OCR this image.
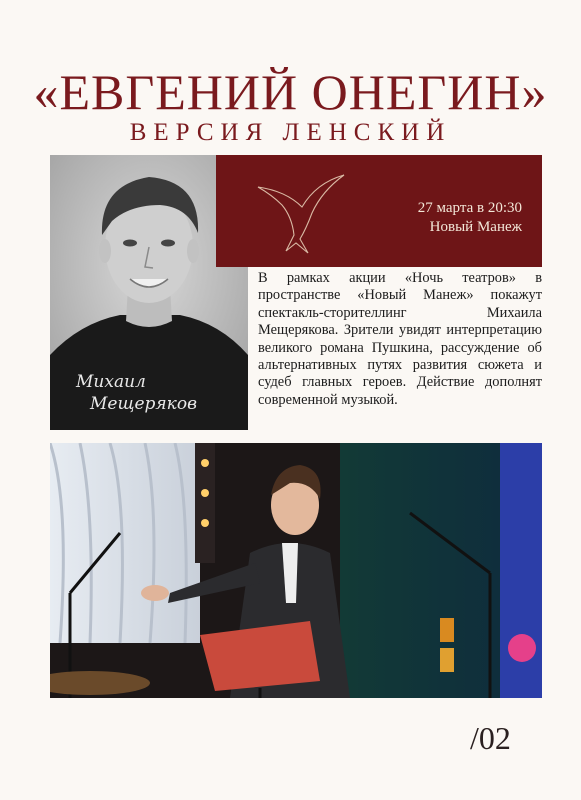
«ЕВГЕНИЙ ОНЕГИН»
ВЕРСИЯ ЛЕНСКИЙ
Михаил
Мещеряков
27 марта в 20:30
Новый Манеж

В рамках акции «Ночь театров» в пространстве «Новый Манеж» покажут спектакль-сторителлинг Михаила Мещерякова. Зрители увидят интерпретацию великого романа Пушкина, рассуждение об альтернативных путях развития сюжета и судеб главных героев. Действие дополнят современной музыкой.

/02
